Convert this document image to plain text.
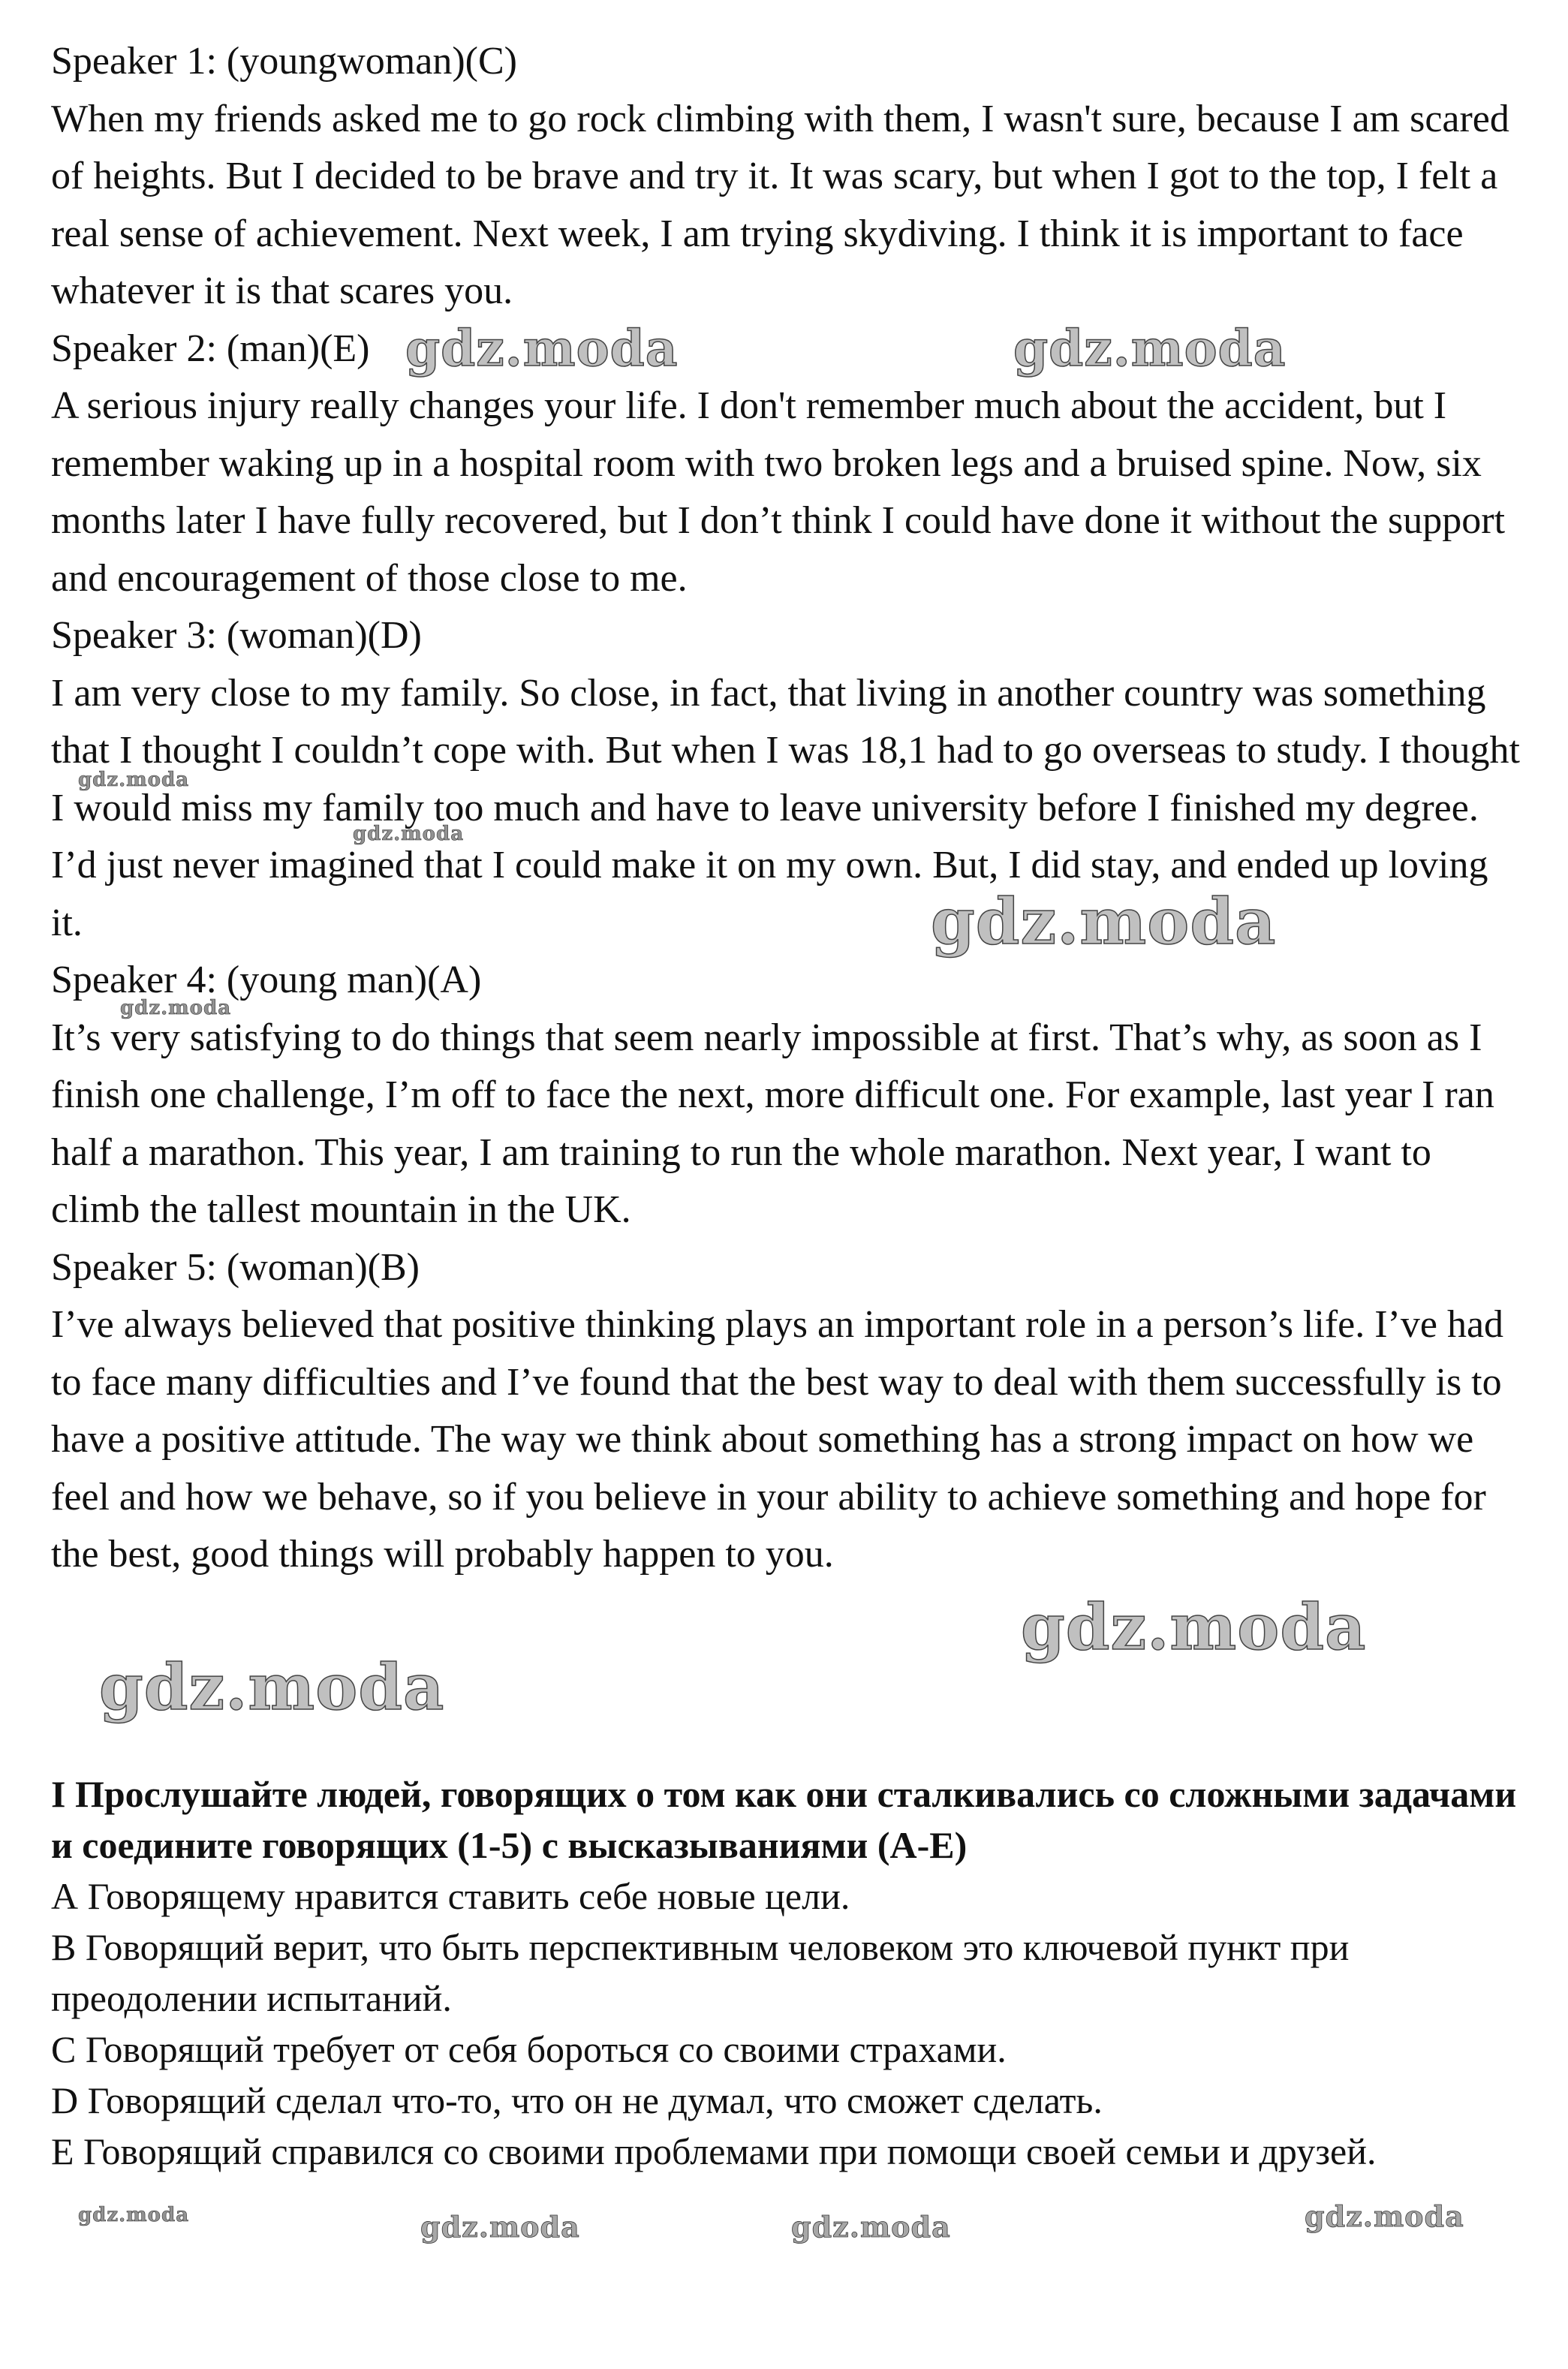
Speaker 1: (youngwoman)(C)

When my friends asked me to go rock climbing with them, I wasn't sure, because I am scared of heights. But I decided to be brave and try it. It was scary, but when I got to the top, I felt a real sense of achievement. Next week, I am trying skydiving. I think it is important to face whatever it is that scares you.

Speaker 2: (man)(E)

A serious injury really changes your life. I don't remember much about the accident, but I remember waking up in a hospital room with two broken legs and a bruised spine. Now, six months later I have fully recovered, but I don’t think I could have done it without the support and encouragement of those close to me.

Speaker 3: (woman)(D)

I am very close to my family. So close, in fact, that living in another country was something that I thought I couldn’t cope with. But when I was 18,1 had to go overseas to study. I thought I would miss my family too much and have to leave university before I finished my degree. I’d just never imagined that I could make it on my own. But, I did stay, and ended up loving it.

Speaker 4: (young man)(A)

It’s very satisfying to do things that seem nearly impossible at first. That’s why, as soon as I finish one challenge, I’m off to face the next, more difficult one. For example, last year I ran half a marathon. This year, I am training to run the whole marathon. Next year, I want to climb the tallest mountain in the UK.

Speaker 5: (woman)(B)

I’ve always believed that positive thinking plays an important role in a person’s life. I’ve had to face many difficulties and I’ve found that the best way to deal with them successfully is to have a positive attitude. The way we think about something has a strong impact on how we feel and how we behave, so if you believe in your ability to achieve something and hope for the best, good things will probably happen to you.

I Прослушайте людей, говорящих о том как они сталкивались со сложными задачами и соедините говорящих (1-5) с высказываниями (А-Е)

А Говорящему нравится ставить себе новые цели.

В Говорящий верит, что быть перспективным человеком это ключевой пункт при преодолении испытаний.

С Говорящий требует от себя бороться со своими страхами.

D Говорящий сделал что-то, что он не думал, что сможет сделать.

Е Говорящий справился со своими проблемами при помощи своей семьи и друзей.

gdz.moda	gdz.moda
gdz.moda
gdz.moda
gdz.moda
gdz.moda
gdz.moda
gdz.moda
gdz.moda	gdz.moda	gdz.moda	gdz.moda
